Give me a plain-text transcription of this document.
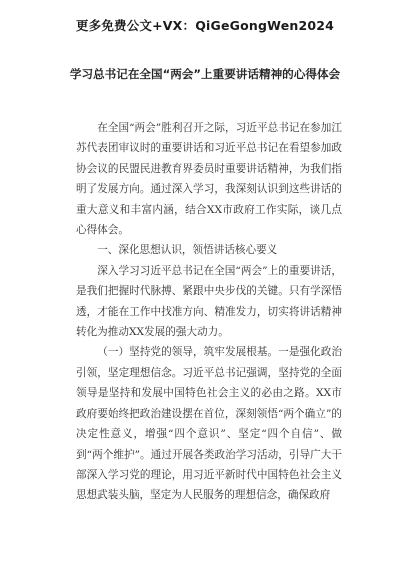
更多免费公文+VX：QiGeGongWen2024
学习总书记在全国“两会”上重要讲话精神的心得体会

在全国“两会”胜利召开之际，习近平总书记在参加江苏代表团审议时的重要讲话和习近平总书记在看望参加政协会议的民盟民进教育界委员时重要讲话精神，为我们指明了发展方向。通过深入学习，我深刻认识到这些讲话的重大意义和丰富内涵，结合XX市政府工作实际，谈几点心得体会。

一、深化思想认识，领悟讲话核心要义

深入学习习近平总书记在全国“两会”上的重要讲话，是我们把握时代脉搏、紧跟中央步伐的关键。只有学深悟透，才能在工作中找准方向、精准发力，切实将讲话精神转化为推动XX发展的强大动力。

（一）坚持党的领导，筑牢发展根基。一是强化政治引领，坚定理想信念。习近平总书记强调，坚持党的全面领导是坚持和发展中国特色社会主义的必由之路。XX市政府要始终把政治建设摆在首位，深刻领悟“两个确立”的决定性意义，增强“四个意识”、坚定“四个自信”、做到“两个维护”。通过开展各类政治学习活动，引导广大干部深入学习党的理论，用习近平新时代中国特色社会主义思想武装头脑，坚定为人民服务的理想信念，确保政府
